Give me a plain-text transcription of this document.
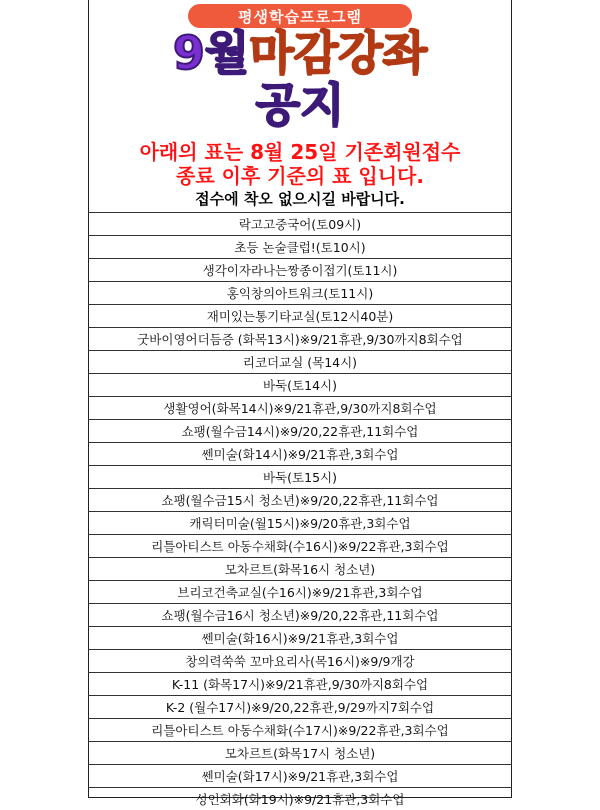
평생학습프로그램
9월마감강좌
공지
아래의 표는 8월 25일 기존회원접수
종료 이후 기준의 표 입니다.
접수에 착오 없으시길 바랍니다.
락고고중국어(토09시)
초등 논술클럽!(토10시)
생각이자라나는짱종이접기(토11시)
홍익창의아트워크(토11시)
재미있는통기타교실(토12시40분)
굿바이영어더듬증 (화목13시)※9/21휴관,9/30까지8회수업
리코더교실 (목14시)
바둑(토14시)
생활영어(화목14시)※9/21휴관,9/30까지8회수업
쇼팽(월수금14시)※9/20,22휴관,11회수업
쎈미술(화14시)※9/21휴관,3회수업
바둑(토15시)
쇼팽(월수금15시 청소년)※9/20,22휴관,11회수업
캐릭터미술(월15시)※9/20휴관,3회수업
리틀아티스트 아동수채화(수16시)※9/22휴관,3회수업
모차르트(화목16시 청소년)
브리코건축교실(수16시)※9/21휴관,3회수업
쇼팽(월수금16시 청소년)※9/20,22휴관,11회수업
쎈미술(화16시)※9/21휴관,3회수업
창의력쑥쑥 꼬마요리사(목16시)※9/9개강
K-11 (화목17시)※9/21휴관,9/30까지8회수업
K-2 (월수17시)※9/20,22휴관,9/29까지7회수업
리틀아티스트 아동수채화(수17시)※9/22휴관,3회수업
모차르트(화목17시 청소년)
쎈미술(화17시)※9/21휴관,3회수업
성인회화(화19시)※9/21휴관,3회수업
